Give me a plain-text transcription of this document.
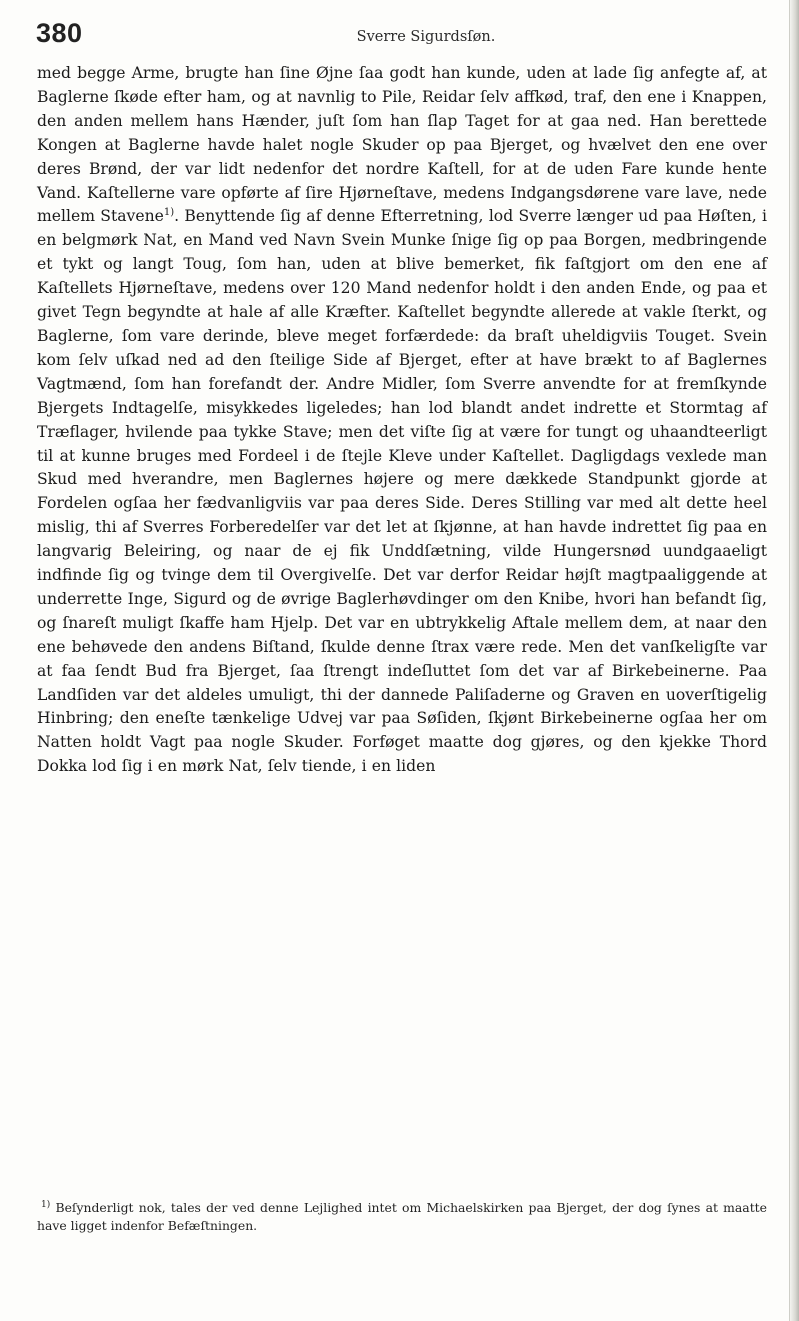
380	Sverre Sigurdsſøn.

med begge Arme, brugte han ſine Øjne ſaa godt han kunde, uden at lade ſig anfegte af, at Baglerne ſkøde efter ham, og at navnlig to Pile, Reidar ſelv affkød, traf, den ene i Knappen, den anden mellem hans Hænder, juſt ſom han ſlap Taget for at gaa ned. Han berettede Kongen at Baglerne havde halet nogle Skuder op paa Bjerget, og hvælvet den ene over deres Brønd, der var lidt nedenfor det nordre Kaſtell, for at de uden Fare kunde hente Vand. Kaſtellerne vare opførte af ſire Hjørneſtave, medens Indgangsdørene vare lave, nede mellem Stavene$^{1)}$. Benyttende ſig af denne Efterretning, lod Sverre længer ud paa Høſten, i en belgmørk Nat, en Mand ved Navn Svein Munke ſnige ſig op paa Borgen, medbringende et tykt og langt Toug, ſom han, uden at blive bemerket, fik faſtgjort om den ene af Kaſtellets Hjørneſtave, medens over 120 Mand nedenfor holdt i den anden Ende, og paa et givet Tegn begyndte at hale af alle Kræfter. Kaſtellet begyndte allerede at vakle ſterkt, og Baglerne, ſom vare derinde, bleve meget forfærdede: da braſt uheldigviis Touget. Svein kom ſelv uſkad ned ad den ſteilige Side af Bjerget, efter at have brækt to af Baglernes Vagtmænd, ſom han forefandt der. Andre Midler, ſom Sverre anvendte for at fremſkynde Bjergets Indtagelſe, misykkedes ligeledes; han lod blandt andet indrette et Stormtag af Træflager, hvilende paa tykke Stave; men det viſte ſig at være for tungt og uhaandteerligt til at kunne bruges med Fordeel i de ſtejle Kleve under Kaſtellet. Dagligdags vexlede man Skud med hverandre, men Baglernes højere og mere dækkede Standpunkt gjorde at Fordelen ogſaa her fædvanligviis var paa deres Side. Deres Stilling var med alt dette heel mislig, thi af Sverres Forberedelſer var det let at ſkjønne, at han havde indrettet ſig paa en langvarig Beleiring, og naar de ej fik Unddſætning, vilde Hungersnød uundgaaeligt indfinde ſig og tvinge dem til Overgivelſe. Det var derfor Reidar højſt magtpaaliggende at underrette Inge, Sigurd og de øvrige Baglerhøvdinger om den Knibe, hvori han befandt ſig, og ſnareſt muligt ſkaffe ham Hjelp. Det var en ubtrykkelig Aftale mellem dem, at naar den ene behøvede den andens Biſtand, ſkulde denne ſtrax være rede. Men det vanſkeligſte var at faa ſendt Bud fra Bjerget, ſaa ſtrengt indeſluttet ſom det var af Birkebeinerne. Paa Landſiden var det aldeles umuligt, thi der dannede Paliſaderne og Graven en uoverſtigelig Hinbring; den eneſte tænkelige Udvej var paa Søſiden, ſkjønt Birkebeinerne ogſaa her om Natten holdt Vagt paa nogle Skuder. Forføget maatte dog gjøres, og den kjekke Thord Dokka lod ſig i en mørk Nat, ſelv tiende, i en liden

$^{1)}$ Beſynderligt nok, tales der ved denne Lejlighed intet om Michaelskirken paa Bjerget, der dog ſynes at maatte have ligget indenfor Befæſtningen.
